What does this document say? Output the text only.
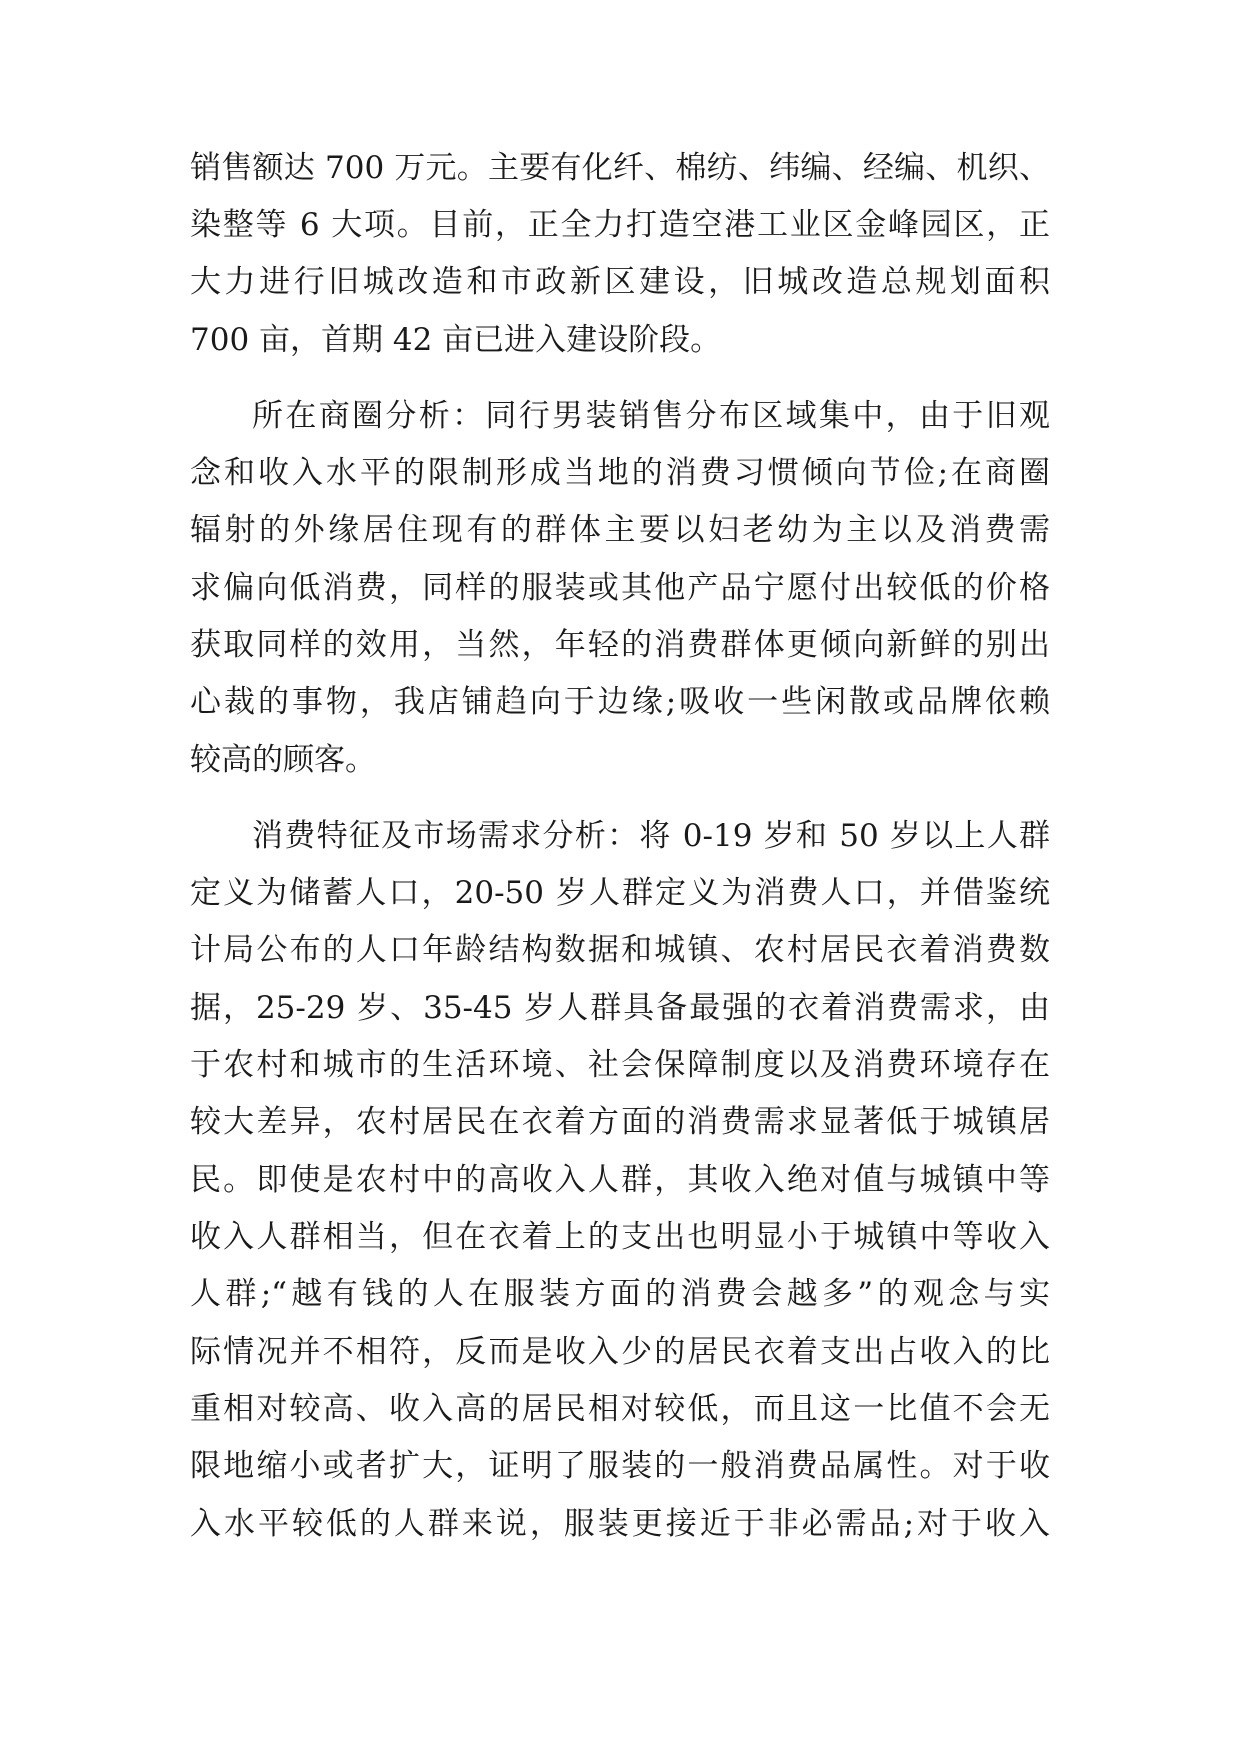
销售额达 700 万元。主要有化纤、棉纺、纬编、经编、机织、
染整等 6 大项。目前，正全力打造空港工业区金峰园区，正
大力进行旧城改造和市政新区建设，旧城改造总规划面积
700 亩，首期 42 亩已进入建设阶段。
所在商圈分析：同行男装销售分布区域集中，由于旧观
念和收入水平的限制形成当地的消费习惯倾向节俭;在商圈
辐射的外缘居住现有的群体主要以妇老幼为主以及消费需
求偏向低消费，同样的服装或其他产品宁愿付出较低的价格
获取同样的效用，当然，年轻的消费群体更倾向新鲜的别出
心裁的事物，我店铺趋向于边缘;吸收一些闲散或品牌依赖
较高的顾客。
消费特征及市场需求分析：将 0-19 岁和 50 岁以上人群
定义为储蓄人口，20-50 岁人群定义为消费人口，并借鉴统
计局公布的人口年龄结构数据和城镇、农村居民衣着消费数
据，25-29 岁、35-45 岁人群具备最强的衣着消费需求，由
于农村和城市的生活环境、社会保障制度以及消费环境存在
较大差异，农村居民在衣着方面的消费需求显著低于城镇居
民。即使是农村中的高收入人群，其收入绝对值与城镇中等
收入人群相当，但在衣着上的支出也明显小于城镇中等收入
人群;“越有钱的人在服装方面的消费会越多”的观念与实
际情况并不相符，反而是收入少的居民衣着支出占收入的比
重相对较高、收入高的居民相对较低，而且这一比值不会无
限地缩小或者扩大，证明了服装的一般消费品属性。对于收
入水平较低的人群来说，服装更接近于非必需品;对于收入
